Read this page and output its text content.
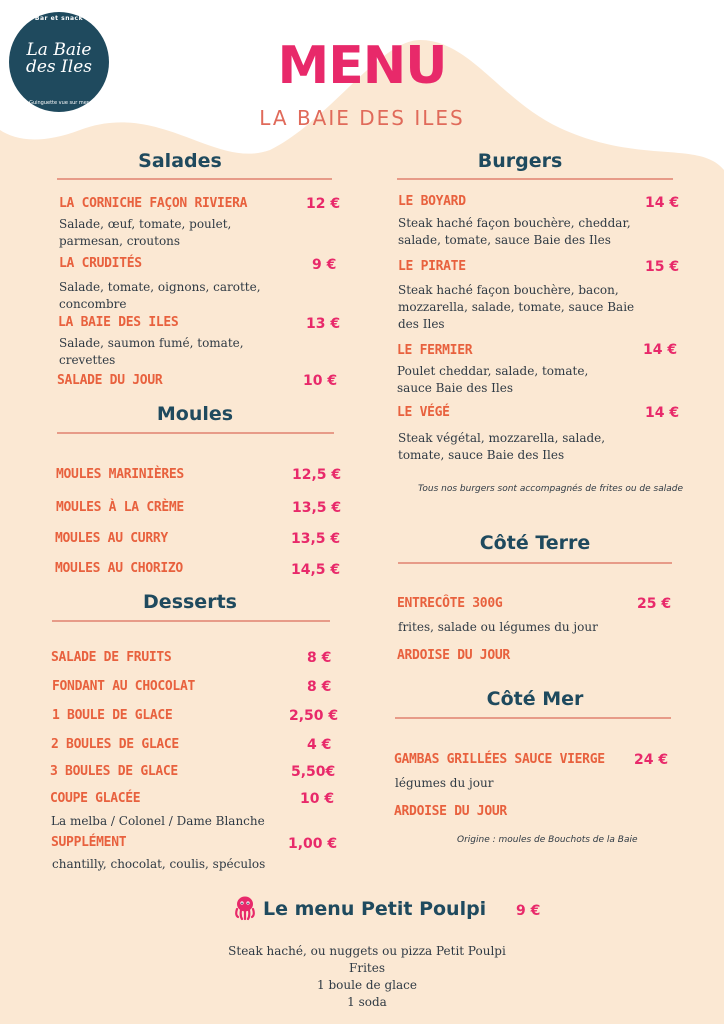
Bar et snack
La Baie
des Iles
Guinguette vue sur mer
MENU
LA BAIE DES ILES
Salades
LA CORNICHE FAÇON RIVIERA	12 €
Salade, œuf, tomate, poulet,
parmesan, croutons
LA CRUDITÉS	9 €
Salade, tomate, oignons, carotte,
concombre
LA BAIE DES ILES	13 €
Salade, saumon fumé, tomate,
crevettes
SALADE DU JOUR	10 €
Moules
MOULES MARINIÈRES	12,5 €
MOULES À LA CRÈME	13,5 €
MOULES AU CURRY	13,5 €
MOULES AU CHORIZO	14,5 €
Desserts
SALADE DE FRUITS	8 €
FONDANT AU CHOCOLAT	8 €
1 BOULE DE GLACE	2,50 €
2 BOULES DE GLACE	4 €
3 BOULES DE GLACE	5,50€
COUPE GLACÉE	10 €
La melba / Colonel / Dame Blanche
SUPPLÉMENT	1,00 €
chantilly, chocolat, coulis, spéculos
Burgers
LE BOYARD	14 €
Steak haché façon bouchère, cheddar,
salade, tomate, sauce Baie des Iles
LE PIRATE	15 €
Steak haché façon bouchère, bacon,
mozzarella, salade, tomate, sauce Baie
des Iles
LE FERMIER	14 €
Poulet cheddar, salade, tomate,
sauce Baie des Iles
LE VÉGÉ	14 €
Steak végétal, mozzarella, salade,
tomate, sauce Baie des Iles
Tous nos burgers sont accompagnés de frites ou de salade
Côté Terre
ENTRECÔTE 300G	25 €
frites, salade ou légumes du jour
ARDOISE DU JOUR
Côté Mer
GAMBAS GRILLÉES SAUCE VIERGE 24 €
légumes du jour
ARDOISE DU JOUR
Origine : moules de Bouchots de la Baie
Le menu Petit Poulpi 9 €
Steak haché, ou nuggets ou pizza Petit Poulpi
Frites
1 boule de glace
1 soda
